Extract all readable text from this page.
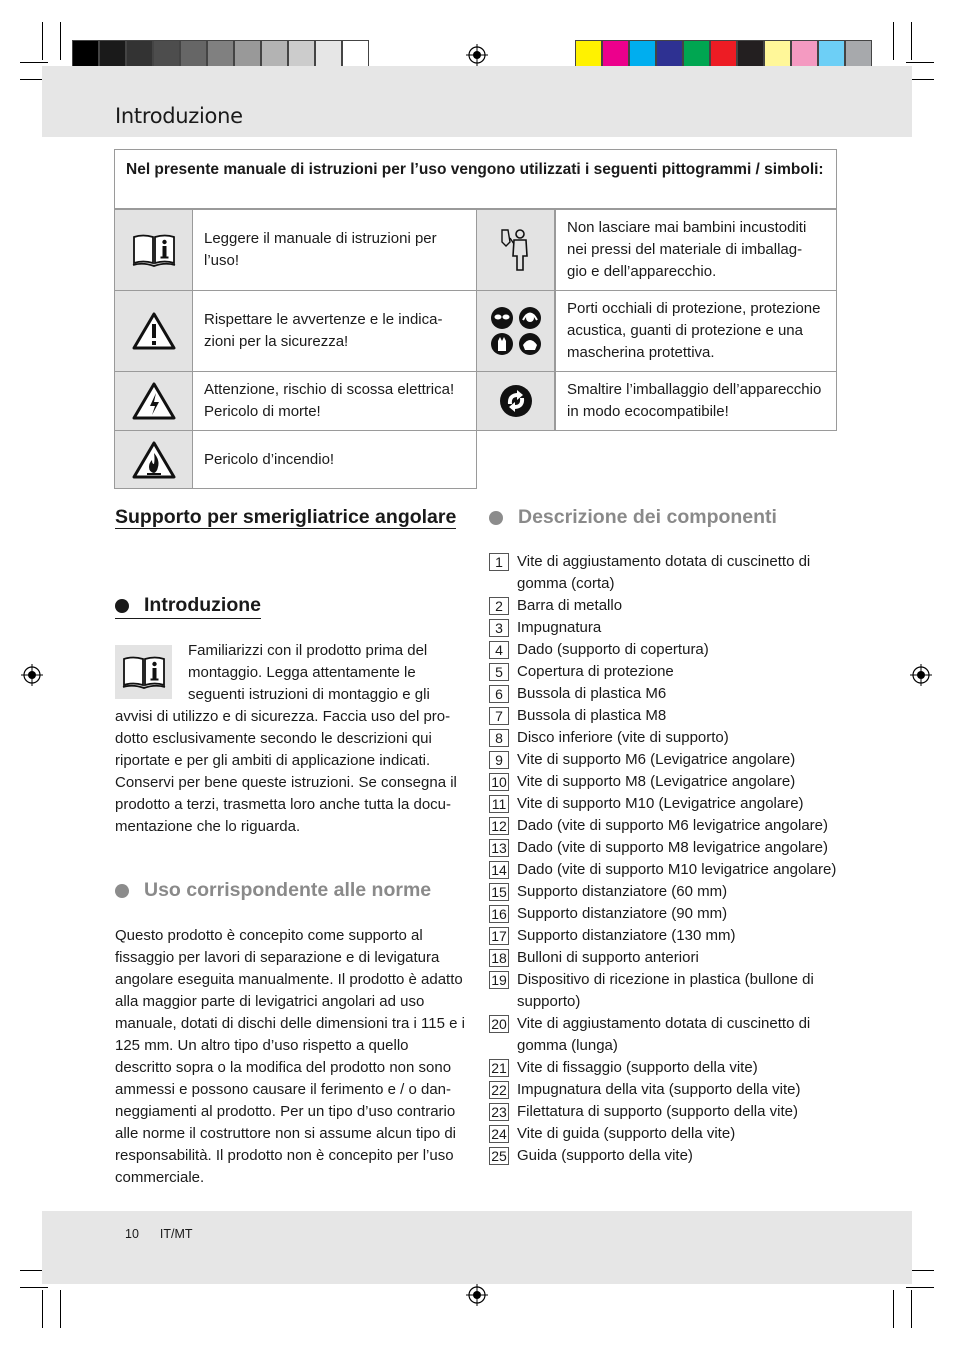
Introduzione
Nel presente manuale di istruzioni per l’uso vengono utilizzati i seguenti pittogrammi / simboli:
Leggere il manuale di istruzioni per l’uso!
Non lasciare mai bambini incustoditi nei pressi del materiale di imballag- gio e dell’apparecchio.
Rispettare le avvertenze e le indica- zioni per la sicurezza!
Porti occhiali di protezione, protezione acustica, guanti di protezione e una mascherina protettiva.
Attenzione, rischio di scossa elettrica! Pericolo di morte!
Smaltire l’imballaggio dell’apparecchio in modo ecocompatibile!
Pericolo d’incendio!
Supporto per smerigliatrice angolare
Introduzione
Familiarizzi con il prodotto prima del montaggio. Legga attentamente le seguenti istruzioni di montaggio e gli avvisi di utilizzo e di sicurezza. Faccia uso del pro- dotto esclusivamente secondo le descrizioni qui riportate e per gli ambiti di applicazione indicati. Conservi per bene queste istruzioni. Se consegna il prodotto a terzi, trasmetta loro anche tutta la docu- mentazione che lo riguarda.
Uso corrispondente alle norme
Questo prodotto è concepito come supporto al fissaggio per lavori di separazione e di levigatura angolare eseguita manualmente. Il prodotto è adatto alla maggior parte di levigatrici angolari ad uso manuale, dotati di dischi delle dimensioni tra i 115 e i 125 mm. Un altro tipo d’uso rispetto a quello descritto sopra o la modifica del prodotto non sono ammessi e possono causare il ferimento e / o dan- neggiamenti al prodotto. Per un tipo d’uso contrario alle norme il costruttore non si assume alcun tipo di responsabilità. Il prodotto non è concepito per l’uso commerciale.
Descrizione dei componenti
1 Vite di aggiustamento dotata di cuscinetto di gomma (corta)
2 Barra di metallo
3 Impugnatura
4 Dado (supporto di copertura)
5 Copertura di protezione
6 Bussola di plastica M6
7 Bussola di plastica M8
8 Disco inferiore (vite di supporto)
9 Vite di supporto M6 (Levigatrice angolare)
10 Vite di supporto M8 (Levigatrice angolare)
11 Vite di supporto M10 (Levigatrice angolare)
12 Dado (vite di supporto M6 levigatrice angolare)
13 Dado (vite di supporto M8 levigatrice angolare)
14 Dado (vite di supporto M10 levigatrice angolare)
15 Supporto distanziatore (60 mm)
16 Supporto distanziatore (90 mm)
17 Supporto distanziatore (130 mm)
18 Bulloni di supporto anteriori
19 Dispositivo di ricezione in plastica (bullone di supporto)
20 Vite di aggiustamento dotata di cuscinetto di gomma (lunga)
21 Vite di fissaggio (supporto della vite)
22 Impugnatura della vita (supporto della vite)
23 Filettatura di supporto (supporto della vite)
24 Vite di guida (supporto della vite)
25 Guida (supporto della vite)
10 IT/MT
